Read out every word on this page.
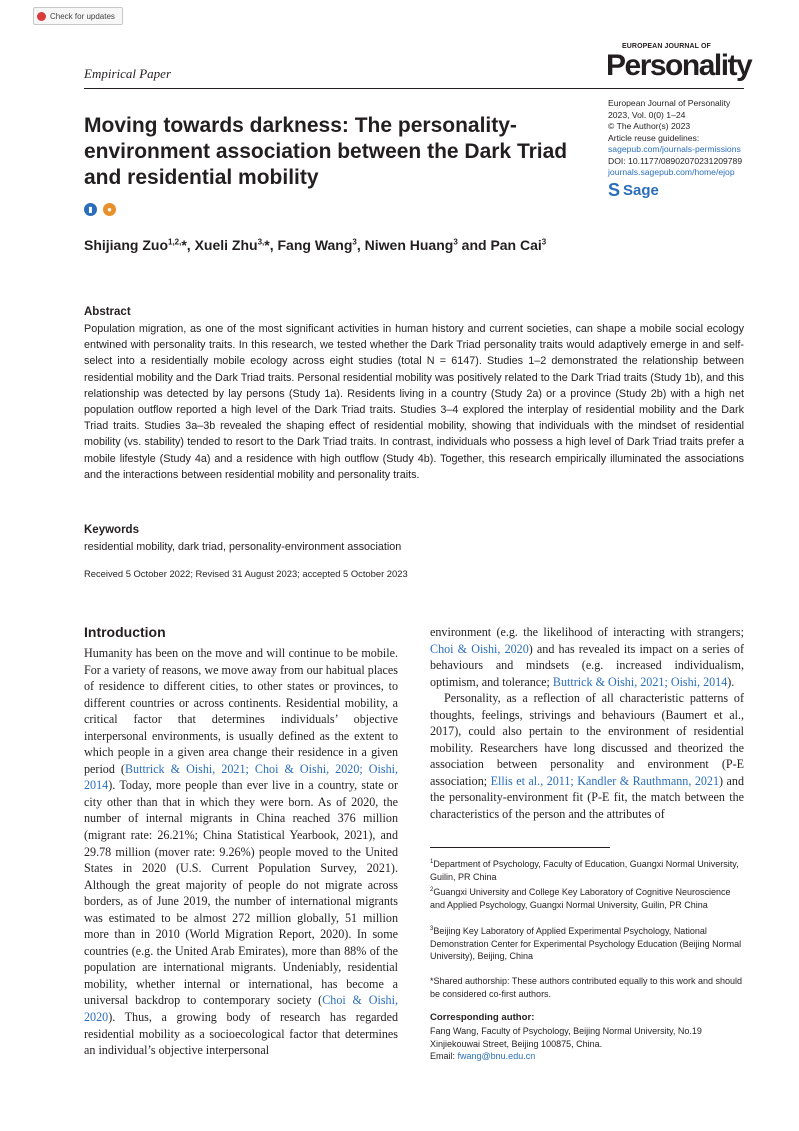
Check for updates
Empirical Paper
EUROPEAN JOURNAL OF
Personality
European Journal of Personality
2023, Vol. 0(0) 1–24
© The Author(s) 2023
Article reuse guidelines:
sagepub.com/journals-permissions
DOI: 10.1177/08902070231209789
journals.sagepub.com/home/ejop
S Sage
Moving towards darkness: The personality-environment association between the Dark Triad and residential mobility
▮	●
Shijiang Zuo$^{1,2,}$*, Xueli Zhu$^{3,}$*, Fang Wang$^3$, Niwen Huang$^3$ and Pan Cai$^3$
Abstract
Population migration, as one of the most significant activities in human history and current societies, can shape a mobile social ecology entwined with personality traits. In this research, we tested whether the Dark Triad personality traits would adaptively emerge in and self-select into a residentially mobile ecology across eight studies (total N = 6147). Studies 1–2 demonstrated the relationship between residential mobility and the Dark Triad traits. Personal residential mobility was positively related to the Dark Triad traits (Study 1b), and this relationship was detected by lay persons (Study 1a). Residents living in a country (Study 2a) or a province (Study 2b) with a high net population outflow reported a high level of the Dark Triad traits. Studies 3–4 explored the interplay of residential mobility and the Dark Triad traits. Studies 3a–3b revealed the shaping effect of residential mobility, showing that individuals with the mindset of residential mobility (vs. stability) tended to resort to the Dark Triad traits. In contrast, individuals who possess a high level of Dark Triad traits prefer a mobile lifestyle (Study 4a) and a residence with high outflow (Study 4b). Together, this research empirically illuminated the associations and the interactions between residential mobility and personality traits.
Keywords
residential mobility, dark triad, personality-environment association
Received 5 October 2022; Revised 31 August 2023; accepted 5 October 2023
Introduction

Humanity has been on the move and will continue to be mobile. For a variety of reasons, we move away from our habitual places of residence to different cities, to other states or provinces, to different countries or across continents. Residential mobility, a critical factor that determines individuals’ objective interpersonal environments, is usually defined as the extent to which people in a given area change their residence in a given period (Buttrick & Oishi, 2021; Choi & Oishi, 2020; Oishi, 2014). Today, more people than ever live in a country, state or city other than that in which they were born. As of 2020, the number of internal migrants in China reached 376 million (migrant rate: 26.21%; China Statistical Yearbook, 2021), and 29.78 million (mover rate: 9.26%) people moved to the United States in 2020 (U.S. Current Population Survey, 2021). Although the great majority of people do not migrate across borders, as of June 2019, the number of international migrants was estimated to be almost 272 million globally, 51 million more than in 2010 (World Migration Report, 2020). In some countries (e.g. the United Arab Emirates), more than 88% of the population are international migrants. Undeniably, residential mobility, whether internal or international, has become a universal backdrop to contemporary society (Choi & Oishi, 2020). Thus, a growing body of research has regarded residential mobility as a socioecological factor that determines an individual’s objective interpersonal

environment (e.g. the likelihood of interacting with strangers; Choi & Oishi, 2020) and has revealed its impact on a series of behaviours and mindsets (e.g. increased individualism, optimism, and tolerance; Buttrick & Oishi, 2021; Oishi, 2014).

Personality, as a reflection of all characteristic patterns of thoughts, feelings, strivings and behaviours (Baumert et al., 2017), could also pertain to the environment of residential mobility. Researchers have long discussed and theorized the association between personality and environment (P-E association; Ellis et al., 2011; Kandler & Rauthmann, 2021) and the personality-environment fit (P-E fit, the match between the characteristics of the person and the attributes of

$^1$Department of Psychology, Faculty of Education, Guangxi Normal University, Guilin, PR China
$^2$Guangxi University and College Key Laboratory of Cognitive Neuroscience and Applied Psychology, Guangxi Normal University, Guilin, PR China
$^3$Beijing Key Laboratory of Applied Experimental Psychology, National Demonstration Center for Experimental Psychology Education (Beijing Normal University), Beijing, China
*Shared authorship: These authors contributed equally to this work and should be considered co-first authors.
Corresponding author:
Fang Wang, Faculty of Psychology, Beijing Normal University, No.19 Xinjiekouwai Street, Beijing 100875, China.
Email: fwang@bnu.edu.cn
